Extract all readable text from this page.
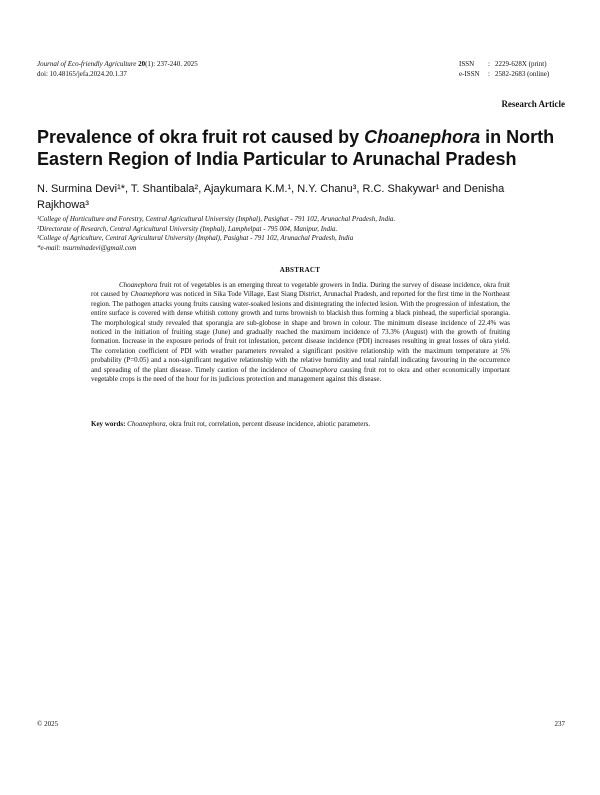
Journal of Eco-friendly Agriculture 20(1): 237-240. 2025
doi: 10.48165/jefa.2024.20.1.37
ISSN	: 2229-628X (print)
e-ISSN	: 2582-2683 (online)
Research Article
Prevalence of okra fruit rot caused by Choanephora in North Eastern Region of India Particular to Arunachal Pradesh
N. Surmina Devi¹*, T. Shantibala², Ajaykumara K.M.¹, N.Y. Chanu³, R.C. Shakywar¹ and Denisha Rajkhowa³
¹College of Horticulture and Forestry, Central Agricultural University (Imphal), Pasighat - 791 102, Arunachal Pradesh, India.
²Directorate of Research, Central Agricultural University (Imphal), Lamphelpat - 795 004, Manipur, India.
³College of Agriculture, Central Agricultural University (Imphal), Pasighat - 791 102, Arunachal Pradesh, India
*e-mail: nsurminadevi@gmail.com
ABSTRACT

Choanephora fruit rot of vegetables is an emerging threat to vegetable growers in India. During the survey of disease incidence, okra fruit rot caused by Choanephora was noticed in Sika Tode Village, East Siang District, Arunachal Pradesh, and reported for the first time in the Northeast region. The pathogen attacks young fruits causing water-soaked lesions and disintegrating the infected lesion. With the progression of infestation, the entire surface is covered with dense whitish cottony growth and turns brownish to blackish thus forming a black pinhead, the superficial sporangia. The morphological study revealed that sporangia are sub-globose in shape and brown in colour. The minimum disease incidence of 22.4% was noticed in the initiation of fruiting stage (June) and gradually reached the maximum incidence of 73.3% (August) with the growth of fruiting formation. Increase in the exposure periods of fruit rot infestation, percent disease incidence (PDI) increases resulting in great losses of okra yield. The correlation coefficient of PDI with weather parameters revealed a significant positive relationship with the maximum temperature at 5% probability (P=0.05) and a non-significant negative relationship with the relative humidity and total rainfall indicating favouring in the occurrence and spreading of the plant disease. Timely caution of the incidence of Choanephora causing fruit rot to okra and other economically important vegetable crops is the need of the hour for its judicious protection and management against this disease.

Key words: Choanephora, okra fruit rot, correlation, percent disease incidence, abiotic parameters.
© 2025	237
